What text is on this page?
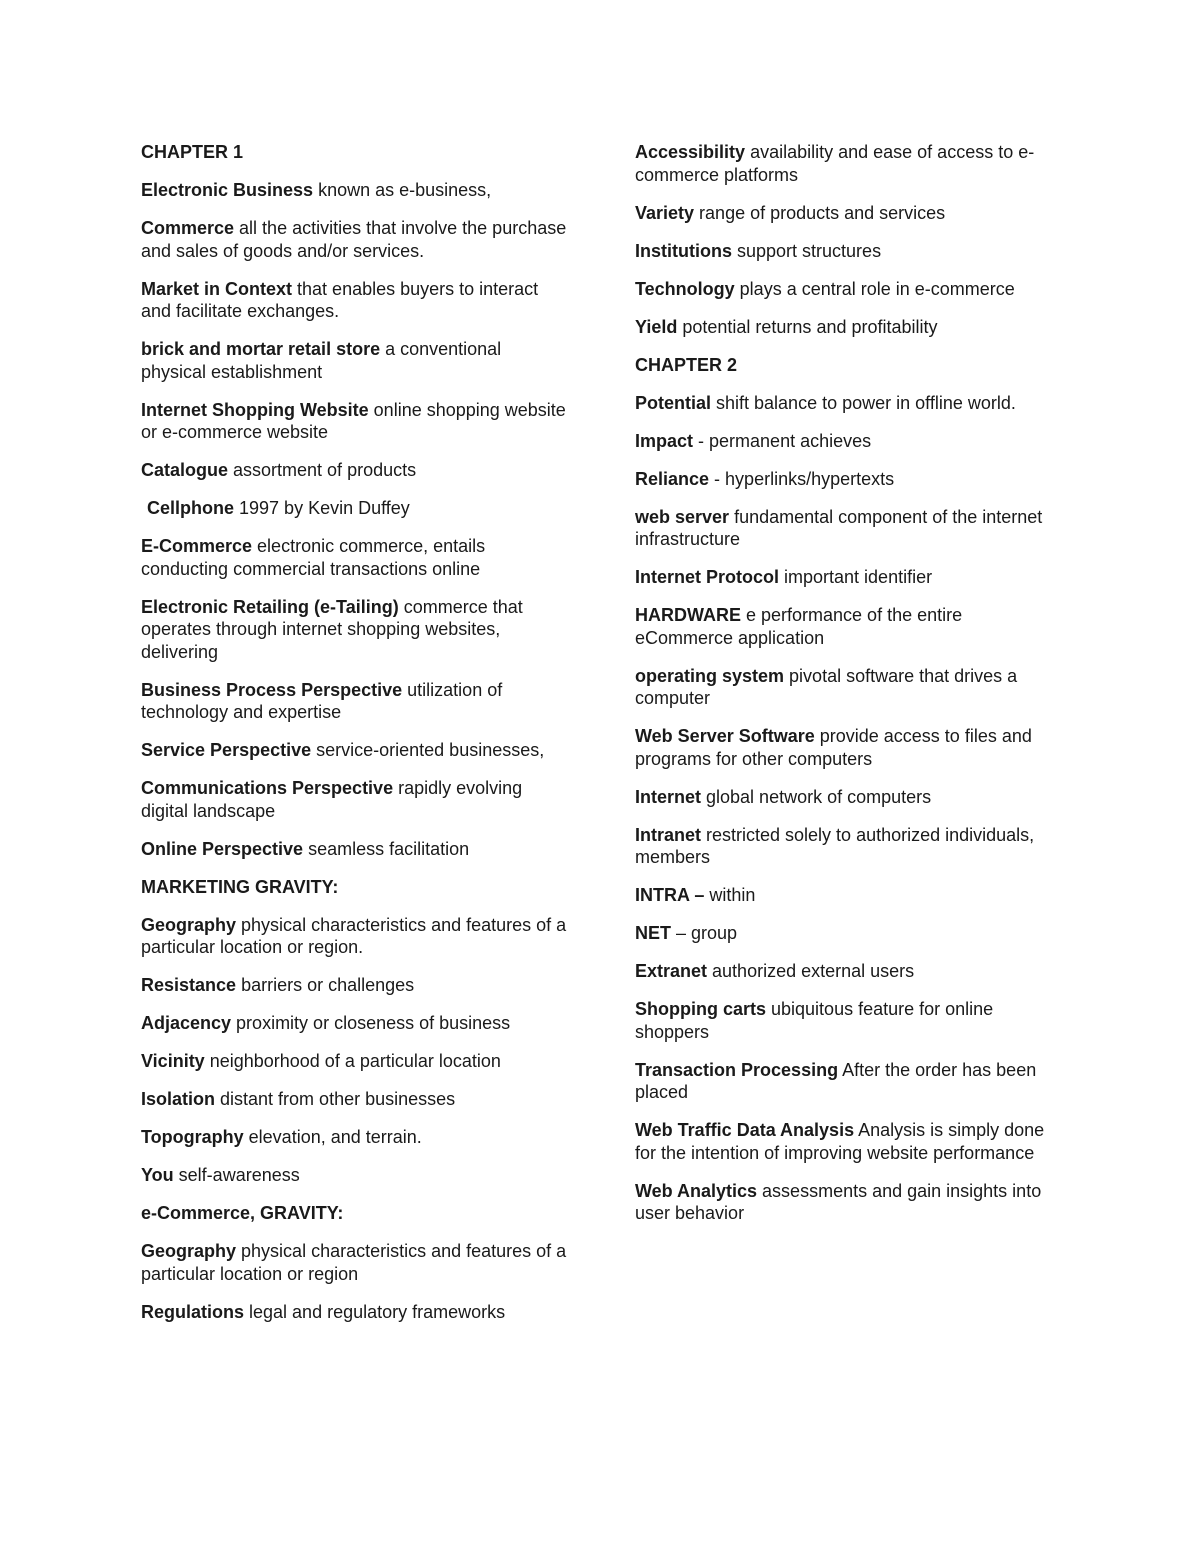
CHAPTER 1

Electronic Business known as e-business,

Commerce all the activities that involve the purchase and sales of goods and/or services.

Market in Context that enables buyers to interact and facilitate exchanges.

brick and mortar retail store a conventional physical establishment

Internet Shopping Website online shopping website or e-commerce website

Catalogue assortment of products

Cellphone 1997 by Kevin Duffey

E-Commerce electronic commerce, entails conducting commercial transactions online

Electronic Retailing (e-Tailing) commerce that operates through internet shopping websites, delivering

Business Process Perspective utilization of technology and expertise

Service Perspective service-oriented businesses,

Communications Perspective rapidly evolving digital landscape

Online Perspective seamless facilitation

MARKETING GRAVITY:

Geography physical characteristics and features of a particular location or region.

Resistance barriers or challenges

Adjacency proximity or closeness of business

Vicinity neighborhood of a particular location

Isolation distant from other businesses

Topography elevation, and terrain.

You self-awareness

e-Commerce, GRAVITY:

Geography physical characteristics and features of a particular location or region

Regulations legal and regulatory frameworks

Accessibility availability and ease of access to e-commerce platforms

Variety range of products and services

Institutions support structures

Technology plays a central role in e-commerce

Yield potential returns and profitability

CHAPTER 2

Potential shift balance to power in offline world.

Impact - permanent achieves

Reliance - hyperlinks/hypertexts

web server fundamental component of the internet infrastructure

Internet Protocol important identifier

HARDWARE e performance of the entire eCommerce application

operating system pivotal software that drives a computer

Web Server Software provide access to files and programs for other computers

Internet global network of computers

Intranet restricted solely to authorized individuals, members

INTRA – within

NET – group

Extranet authorized external users

Shopping carts ubiquitous feature for online shoppers

Transaction Processing After the order has been placed

Web Traffic Data Analysis Analysis is simply done for the intention of improving website performance

Web Analytics assessments and gain insights into user behavior
